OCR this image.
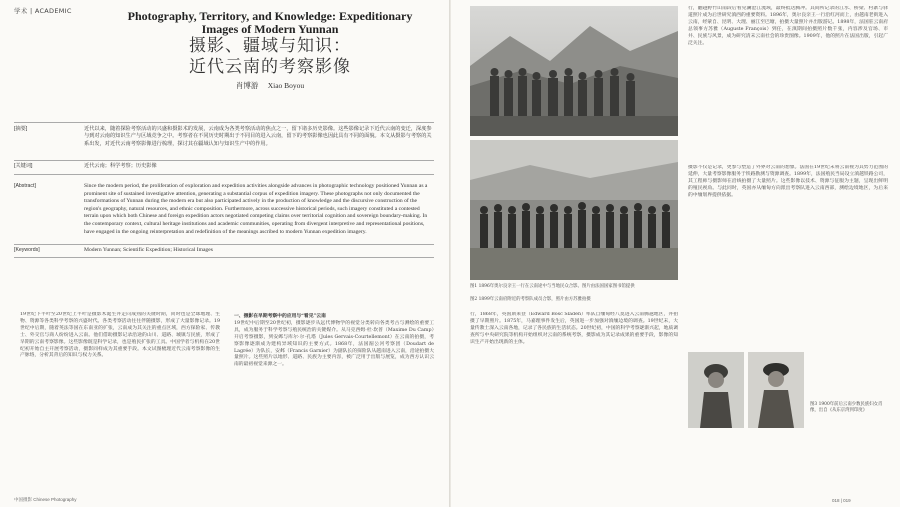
学术 | ACADEMIC	Photography, Territory, and Knowledge: Expeditionary Images of Modern Yunnan
摄影、疆域与知识：
近代云南的考察影像
肖博游　 Xiao Boyou
[摘要]	近代以来，随着探险考察活动的兴盛和摄影术的发展，云南成为各类考察活动的焦点之一，留下诸多历史影像。这些影像记录下近代云南的变迁，深度参与到对云南的知识生产与区域竞争之中。考察者在不同历史时期出于不同目的进入云南，留下的考察影像也因此具有不同的面貌。本文从摄影与考察的关系出发，对近代云南考察影像进行梳理，探讨其在疆域认知与知识生产中的作用。
[关键词]	近代云南；科学考察；历史影像
[Abstract]	Since the modern period, the proliferation of exploration and expedition activities alongside advances in photographic technology positioned Yunnan as a prominent site of sustained investigative attention, generating a substantial corpus of expedition imagery. These photographs not only documented the transformations of Yunnan during the modern era but also participated actively in the production of knowledge and the discursive construction of the region's geography, natural resources, and ethnic composition. Furthermore, across successive historical periods, such imagery constituted a contested terrain upon which both Chinese and foreign expedition actors negotiated competing claims over territorial cognition and sovereign boundary-making. In the contemporary context, cultural heritage institutions and academic communities, operating from divergent interpretive and representational positions, have engaged in the ongoing reinterpretation and redefinition of the meanings ascribed to modern Yunnan expedition imagery.
[Keywords]	Modern Yunnan; Scientific Expedition; Historical Images
19世纪下半叶至20世纪上半叶是摄影术诞生并走向成熟的关键时期，同时也是全球地理、生物、资源等各类科学考察的兴盛时代。各类考察活动往往伴随摄影，形成了大量影像记录。19世纪中后期，随着英法等国在东南亚的扩张，云南成为其关注的重点区域，西方探险家、传教士、外交官与商人纷纷进入云南。他们借助摄影记录沿途的山川、道路、城镇与民族，形成了早期的云南考察影像。这些影像既是科学记录，也是殖民扩张的工具。中国学者与机构在20世纪初开始自主开展考察活动，摄影同样成为其重要手段。本文试图梳理近代云南考察影像的生产脉络，分析其背后的知识与权力关系。
一、摄影在早期考察中的应用与“看见”云南
19世纪中后期至20世纪初，摄影逐步从远代博物学的视觉分类转向各类考古与测绘的重要工具，成为服务于科学考察与殖民统治的关键媒介。从马克西姆·杜·坎普（Maxime Du Camp）开启考察摄影，到安邺与库尔·尔·孔塔（Jules Gervais-Courtellemont）在云南的拍摄，考察影像逐渐成为建构异域知识的主要方式。1868年，法国湄公河考察团（Doudart de Lagrée）为队长，安邺（Francis Garnier）为副队长的探险队从越南进入云南，沿途拍摄大量照片。这些照片以地形、道路、民族为主要内容，被广泛用于出版与展览，成为西方认识云南的最初视觉来源之一。
中国摄影 Chinese Photography
图1 1896年奥尔良亲王一行在云南途中与当地民众合影。图片由法国国家图书馆提供
图2 1899年云南府附近的考察队成员合影，照片由方苏雅拍摄
行，翻越野竹山南段后看见澜沧江流域，最终抵达腾冲。其间所记录的江水、桥梁、村寨与驿道照片成为后世研究滇西的重要资料。1896年，奥尔良亲王一行沿红河而上，由越南老街进入云南，经蒙自、昆明、大理、丽江至巴塘，拍摄大量照片并出版游记。1898年，法国驻云南府总领事方苏雅（Auguste François）到任，在滇期间拍摄照片数千张，内容涉及官场、市井、民族与风景，成为研究清末云南社会的珍贵图像。1909年，他的照片在法国出版，引起广泛关注。
摄影不仅是记录，更参与塑造了外界对云南的想象。法国在19世纪末将云南视为其势力范围的延伸，大量考察影像服务于铁路勘测与资源调查。1899年，法国殖民当局设立滇越铁路公司，其工程师与摄影师在沿线拍摄了大量照片。这些影像以技术、资源与征服为主题，呈现出鲜明的殖民视角。与此同时，英国亦从缅甸方向派出考察队进入云南西部，测绘边境地区，为后来的中缅划界提供依据。
行，1868年，英国斯莱登（Edward Bosc Sladen）率队自缅甸经八莫进入云南腾越地区，并拍摄了早期照片。1875年，马嘉理事件发生后，英国进一步加强对滇缅边境的调查。19世纪末，大量传教士深入云南各地，记录了各民族的生活状态。20世纪初，中国的科学考察逐渐兴起，地质调查所与中央研究院等机构开始组织对云南的系统考察，摄影成为其记录成果的重要手段，影像的知识生产开始出现新的主体。
图3 1900年前后云南少数民族妇女肖像，出自《从东京湾到印度》
018 | 019
